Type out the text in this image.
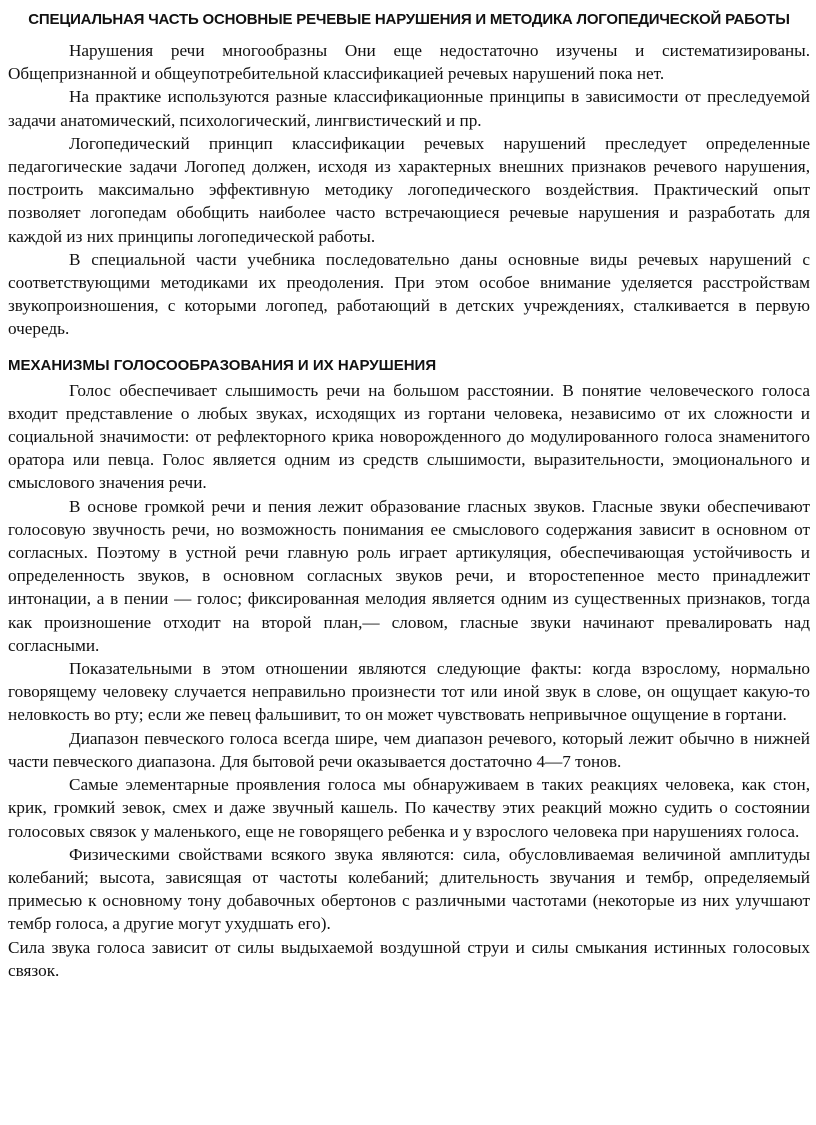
СПЕЦИАЛЬНАЯ ЧАСТЬ ОСНОВНЫЕ РЕЧЕВЫЕ НАРУШЕНИЯ И МЕТОДИКА ЛОГОПЕДИЧЕСКОЙ РАБОТЫ

Нарушения речи многообразны Они еще недостаточно изучены и систематизированы. Общепризнанной и общеупотребительной классификацией речевых нарушений пока нет.

На практике используются разные классификационные принципы в зависимости от преследуемой задачи анатомический, психологический, лингвистический и пр.

Логопедический принцип классификации речевых нарушений преследует определенные педагогические задачи Логопед должен, исходя из характерных внешних признаков речевого нарушения, построить максимально эффективную методику логопедического воздействия. Практический опыт позволяет логопедам обобщить наиболее часто встречающиеся речевые нарушения и разработать для каждой из них принципы логопедической работы.

В специальной части учебника последовательно даны основные виды речевых нарушений с соответствующими методиками их преодоления. При этом особое внимание уделяется расстройствам звукопроизношения, с которыми логопед, работающий в детских учреждениях, сталкивается в первую очередь.

МЕХАНИЗМЫ ГОЛОСООБРАЗОВАНИЯ И ИХ НАРУШЕНИЯ

Голос обеспечивает слышимость речи на большом расстоянии. В понятие человеческого голоса входит представление о любых звуках, исходящих из гортани человека, независимо от их сложности и социальной значимости: от рефлекторного крика новорожденного до модулированного голоса знаменитого оратора или певца. Голос является одним из средств слышимости, выразительности, эмоционального и смыслового значения речи.

В основе громкой речи и пения лежит образование гласных звуков. Гласные звуки обеспечивают голосовую звучность речи, но возможность понимания ее смыслового содержания зависит в основном от согласных. Поэтому в устной речи главную роль играет артикуляция, обеспечивающая устойчивость и определенность звуков, в основном согласных звуков речи, и второстепенное место принадлежит интонации, а в пении — голос; фиксированная мелодия является одним из существенных признаков, тогда как произношение отходит на второй план,— словом, гласные звуки начинают превалировать над согласными.

Показательными в этом отношении являются следующие факты: когда взрослому, нормально говорящему человеку случается неправильно произнести тот или иной звук в слове, он ощущает какую-то неловкость во рту; если же певец фальшивит, то он может чувствовать непривычное ощущение в гортани.

Диапазон певческого голоса всегда шире, чем диапазон речевого, который лежит обычно в нижней части певческого диапазона. Для бытовой речи оказывается достаточно 4—7 тонов.

Самые элементарные проявления голоса мы обнаруживаем в таких реакциях человека, как стон, крик, громкий зевок, смех и даже звучный кашель. По качеству этих реакций можно судить о состоянии голосовых связок у маленького, еще не говорящего ребенка и у взрослого человека при нарушениях голоса.

Физическими свойствами всякого звука являются: сила, обусловливаемая величиной амплитуды колебаний; высота, зависящая от частоты колебаний; длительность звучания и тембр, определяемый примесью к основному тону добавочных обертонов с различными частотами (некоторые из них улучшают тембр голоса, а другие могут ухудшать его).

Сила звука голоса зависит от силы выдыхаемой воздушной струи и силы смыкания истинных голосовых связок.
